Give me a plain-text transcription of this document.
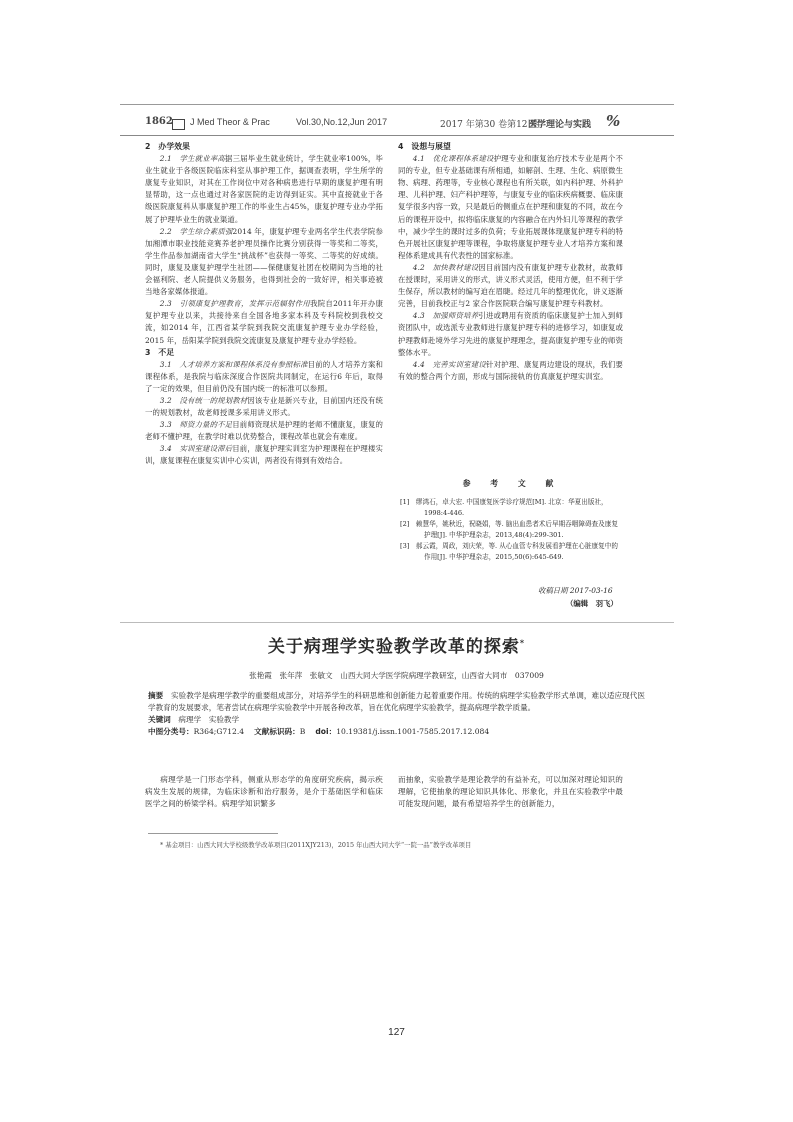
1862 J Med Theor & Prac	Vol.30,No.12,Jun 2017	2017 年第30 卷第12 期
医学理论与实践 %
2　办学效果

2.1　学生就业率高据三届毕业生就业统计，学生就业率100%，毕业生就业于各级医院临床科室从事护理工作，据调查表明，学生所学的康复专业知识，对其在工作岗位中对各种病患进行早期的康复护理有明显帮助，这一点也通过对各家医院的走访得到证实。其中直接就业于各级医院康复科从事康复护理工作的毕业生占45%，康复护理专业办学拓展了护理毕业生的就业渠道。

2.2　学生综合素质强2014 年，康复护理专业两名学生代表学院参加湘潭市职业技能竞赛养老护理员操作比赛分别获得一等奖和二等奖，学生作品参加湖南省大学生“挑战杯”也获得一等奖、二等奖的好成绩。同时，康复及康复护理学生社团——保健康复社团在校期间为当地的社会福利院、老人院提供义务服务，也得到社会的一致好评，相关事迹被当地各家媒体报道。

2.3　引领康复护理教育，发挥示范辐射作用我院自2011年开办康复护理专业以来，共接待来自全国各地多家本科及专科院校到我校交流，如2014 年，江西省某学院到我院交流康复护理专业办学经验，2015 年，岳阳某学院到我院交流康复及康复护理专业办学经验。

3　不足

3.1　人才培养方案和课程体系没有参照标准目前的人才培养方案和课程体系，是我院与临床深度合作医院共同制定，在运行6 年后，取得了一定的效果，但目前仍没有国内统一的标准可以参照。

3.2　没有统一的规划教材因该专业是新兴专业，目前国内还没有统一的规划教材，故老师授课多采用讲义形式。

3.3　师资力量的不足目前师资现状是护理的老师不懂康复，康复的老师不懂护理，在教学时难以优势整合，课程改革也就会有难度。

3.4　实训室建设滞后目前，康复护理实训室为护理课程在护理楼实训，康复课程在康复实训中心实训，两者没有得到有效结合。

4　设想与展望

4.1　优化课程体系建设护理专业和康复治疗技术专业是两个不同的专业，但专业基础课有所相通，如解剖、生理、生化、病原微生物、病理、药理等，专业核心课程也有所关联，如内科护理、外科护理、儿科护理、妇产科护理等，与康复专业的临床疾病概要、临床康复学很多内容一致，只是最后的侧重点在护理和康复的不同，故在今后的课程开设中，拟将临床康复的内容融合在内外妇儿等课程的教学中，减少学生的课时过多的负荷；专业拓展课体现康复护理专科的特色开展社区康复护理等课程，争取将康复护理专业人才培养方案和课程体系建成具有代表性的国家标准。

4.2　加快教材建设因目前国内没有康复护理专业教材，故教师在授课时，采用讲义的形式，讲义形式灵活，使用方便，但不利于学生保存，所以教材的编写迫在眉睫。经过几年的整理优化，讲义逐渐完善，目前我校正与2 家合作医院联合编写康复护理专科教材。

4.3　加强师资培养引进或聘用有资质的临床康复护士加入到师资团队中，或选派专业教师进行康复护理专科的进修学习，如康复或护理教师赴境外学习先进的康复护理理念，提高康复护理专业的师资整体水平。

4.4　完善实训室建设针对护理、康复两边建设的现状，我们要有效的整合两个方面，形成与国际接轨的仿真康复护理实训室。

参　考　文　献
[1]　缪鸿石，卓大宏. 中国康复医学诊疗规范[M]. 北京：华夏出版社，1998:4-446.
[2]　赖慧华，姚秋近，祝晓娟，等. 脑出血患者术后早期吞咽障碍查及康复护理[J]. 中华护理杂志，2013,48(4):299-301.
[3]　郝云霞，周政，刘庆荣，等. 从心血管专科发展看护理在心脏康复中的作用[J]. 中华护理杂志，2015,50(6):645-649.
收稿日期 2017-03-16
（编辑　羽飞）
关于病理学实验教学改革的探索*
张艳霞　张年萍　张敏文　山西大同大学医学院病理学教研室，山西省大同市　037009
摘要　 实验教学是病理学教学的重要组成部分，对培养学生的科研思维和创新能力起着重要作用。传统的病理学实验教学形式单调，难以适应现代医学教育的发展要求，笔者尝试在病理学实验教学中开展各种改革，旨在优化病理学实验教学，提高病理学教学质量。
关键词　 病理学　实验教学
中图分类号：R364;G712.4　 文献标识码：B　 doi：10.19381/j.issn.1001-7585.2017.12.084

病理学是一门形态学科，侧重从形态学的角度研究疾病，揭示疾病发生发展的规律，为临床诊断和治疗服务，是介于基础医学和临床医学之间的桥梁学科。病理学知识繁多

而抽象，实验教学是理论教学的有益补充，可以加深对理论知识的理解，它使抽象的理论知识具体化、形象化，并且在实验教学中最可能发现问题，最有希望培养学生的创新能力，

* 基金项目：山西大同大学校级教学改革项目(2011XJY213)，2015 年山西大同大学“一院一品”教学改革项目
127
